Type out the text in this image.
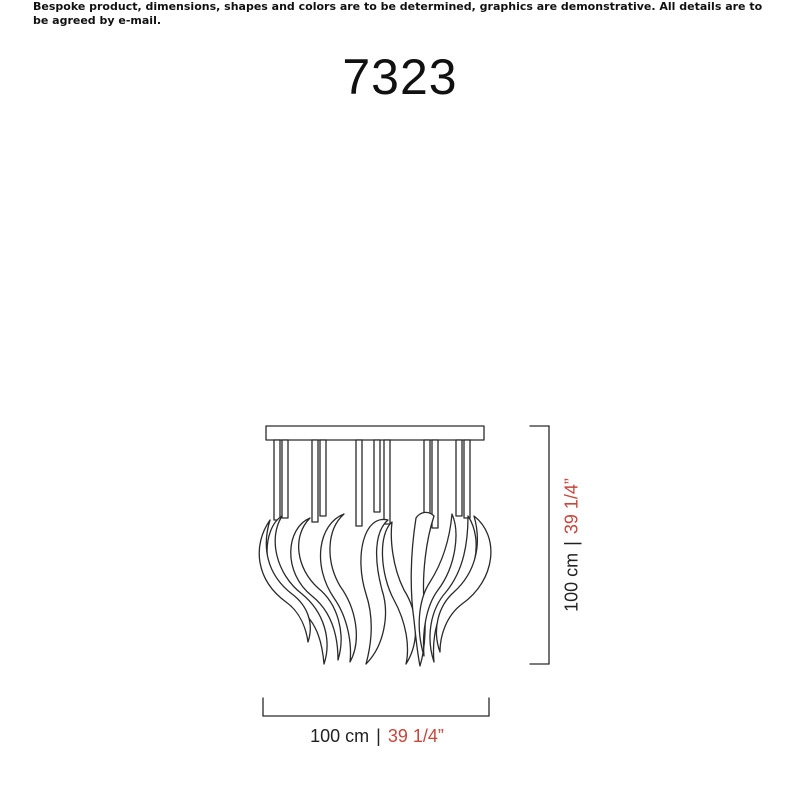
Bespoke product, dimensions, shapes and colors are to be determined, graphics are demonstrative. All details are to be agreed by e-mail.
7323
100 cm | 39 1/4”
100 cm | 39 1/4”
